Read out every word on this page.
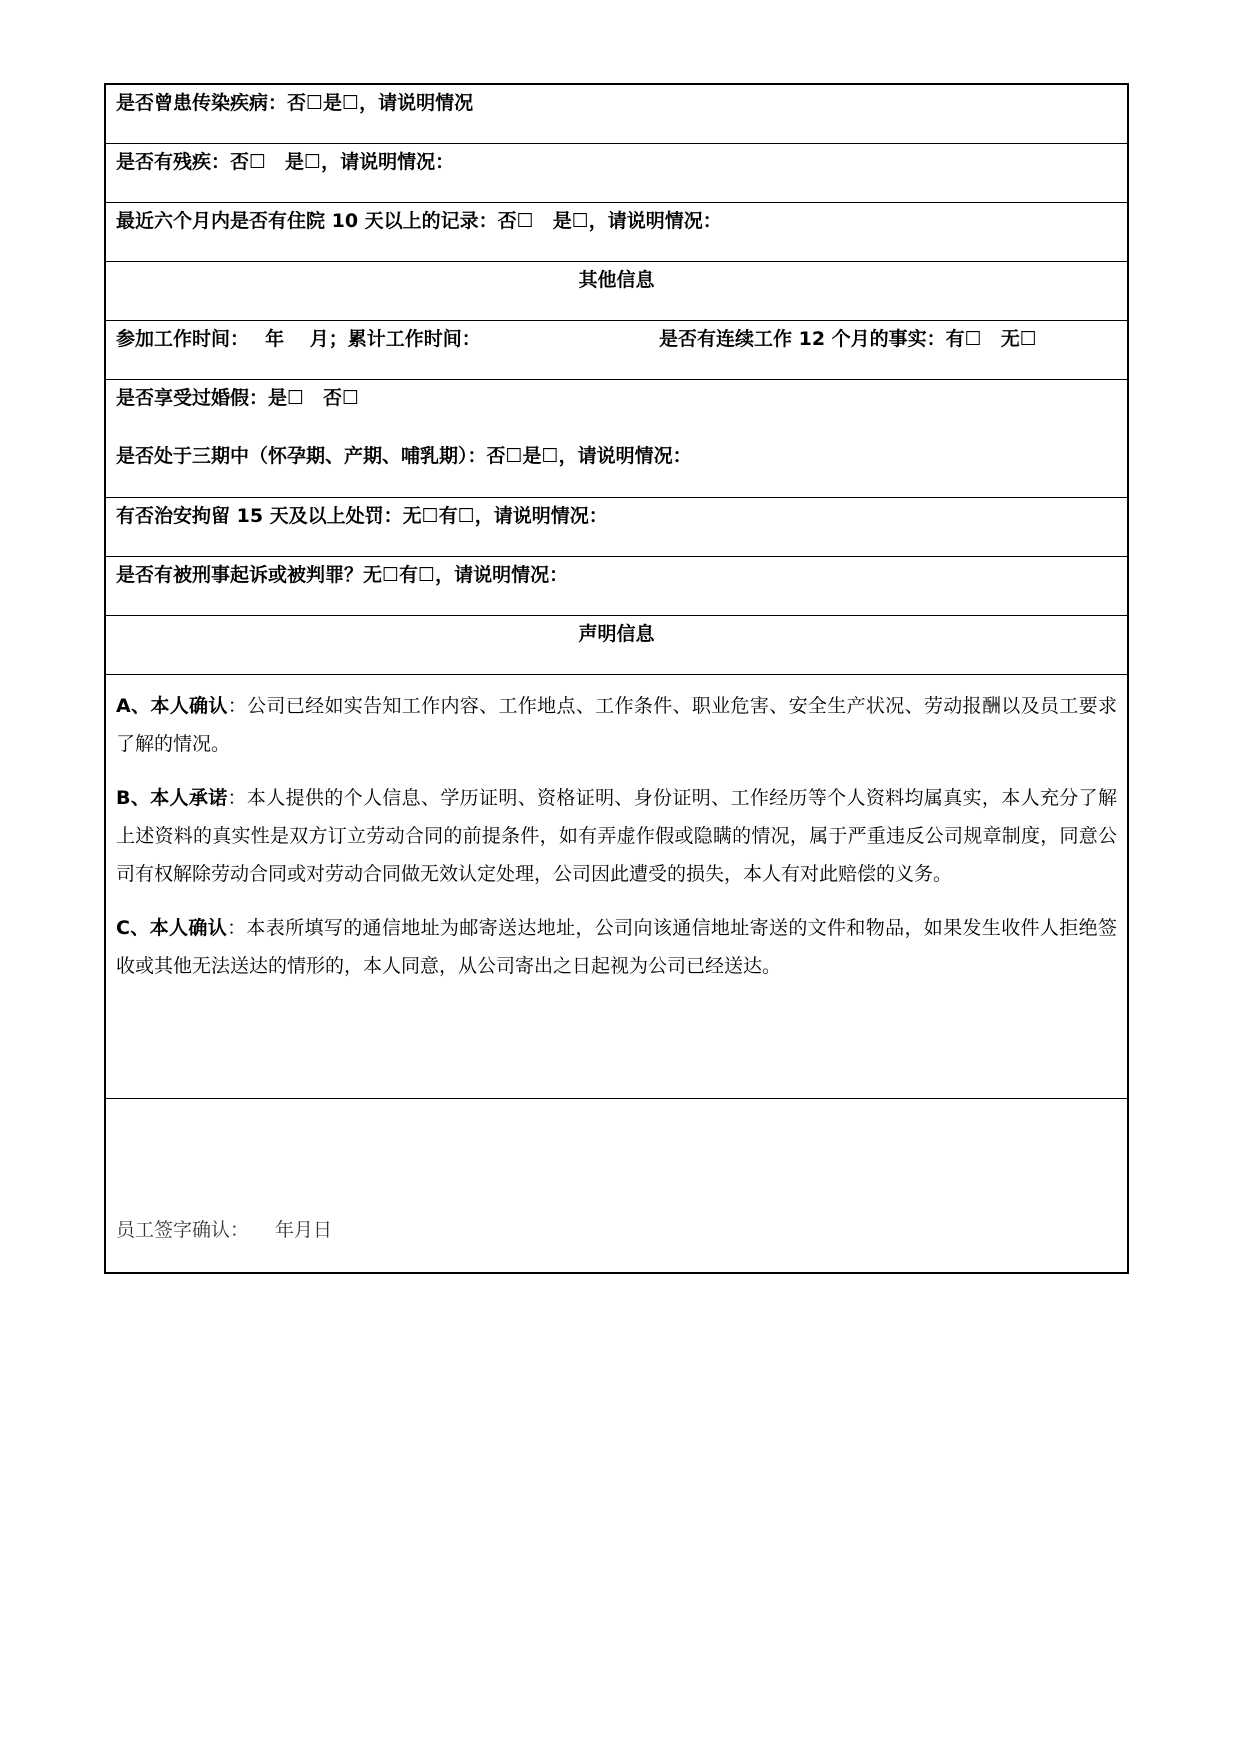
是否曾患传染疾病：否☐是☐，请说明情况
是否有残疾：否☐　是☐，请说明情况：
最近六个月内是否有住院 10 天以上的记录：否☐　是☐，请说明情况：
其他信息
参加工作时间：　 年　 月；累计工作时间：	是否有连续工作 12 个月的事实：有☐　无☐
是否享受过婚假：是☐　否☐
是否处于三期中（怀孕期、产期、哺乳期）：否☐是☐，请说明情况：
有否治安拘留 15 天及以上处罚：无☐有☐，请说明情况：
是否有被刑事起诉或被判罪？无☐有☐，请说明情况：
声明信息

A、本人确认：公司已经如实告知工作内容、工作地点、工作条件、职业危害、安全生产状况、劳动报酬以及员工要求了解的情况。

B、本人承诺：本人提供的个人信息、学历证明、资格证明、身份证明、工作经历等个人资料均属真实，本人充分了解上述资料的真实性是双方订立劳动合同的前提条件，如有弄虚作假或隐瞒的情况，属于严重违反公司规章制度，同意公司有权解除劳动合同或对劳动合同做无效认定处理，公司因此遭受的损失，本人有对此赔偿的义务。

C、本人确认：本表所填写的通信地址为邮寄送达地址，公司向该通信地址寄送的文件和物品，如果发生收件人拒绝签收或其他无法送达的情形的，本人同意，从公司寄出之日起视为公司已经送达。

员工签字确认： 年月日
